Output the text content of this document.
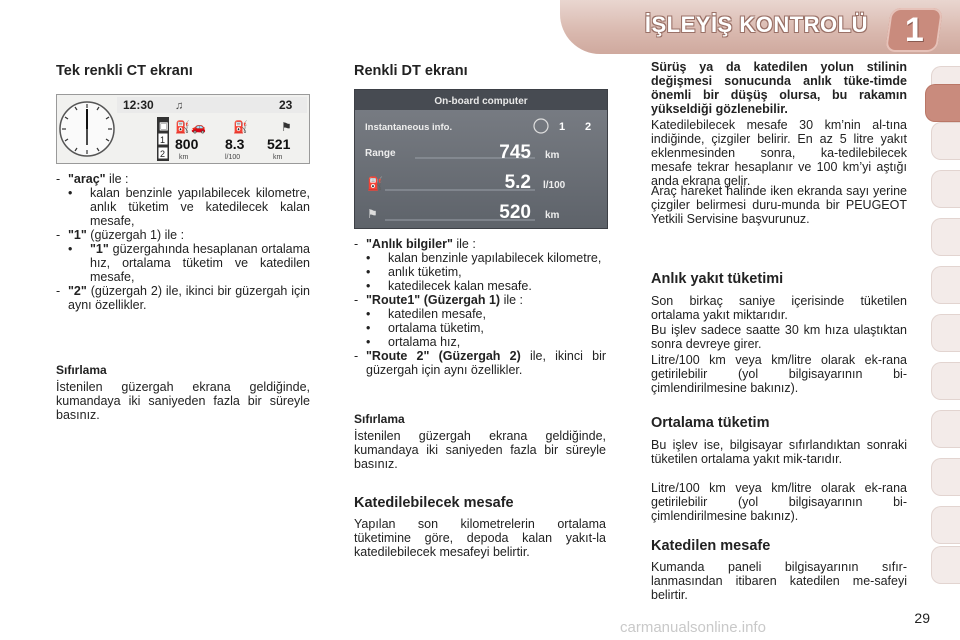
İŞLEYİŞ KONTROLÜ 1
Tek renkli CT ekranı
12:30 ♫	23
▣
1
2
⛽ 🚗 ⛽	⚑
800 8.3 521
km	l/100	km
- "araç" ile :
• kalan benzinle yapılabilecek kilometre, anlık tüketim ve katedilecek kalan mesafe,
- "1" (güzergah 1) ile :
• "1" güzergahında hesaplanan ortalama hız, ortalama tüketim ve katedilen mesafe,
- "2" (güzergah 2) ile, ikinci bir güzergah için aynı özellikler.
Sıfırlama

İstenilen güzergah ekrana geldiğinde, kumandaya iki saniyeden fazla bir süreyle basınız.

Renkli DT ekranı
On-board computer
Instantaneous info.	1 2
Range	745 km
⛽	5.2 l/100
⚑	520 km
- "Anlık bilgiler" ile :
• kalan benzinle yapılabilecek kilometre,
• anlık tüketim,
• katedilecek kalan mesafe.
- "Route1" (Güzergah 1) ile :
• katedilen mesafe,
• ortalama tüketim,
• ortalama hız,
- "Route 2" (Güzergah 2) ile, ikinci bir güzergah için aynı özellikler.
Sıfırlama

İstenilen güzergah ekrana geldiğinde, kumandaya iki saniyeden fazla bir süreyle basınız.

Katedilebilecek mesafe

Yapılan son kilometrelerin ortalama tüketimine göre, depoda kalan yakıt-la katedilebilecek mesafeyi belirtir.

Sürüş ya da katedilen yolun stilinin değişmesi sonucunda anlık tüke-timde önemli bir düşüş olursa, bu rakamın yükseldiği gözlenebilir.

Katedilebilecek mesafe 30 km’nin al-tına indiğinde, çizgiler belirir. En az 5 litre yakıt eklenmesinden sonra, ka-tedilebilecek mesafe tekrar hesaplanır ve 100 km’yi aştığı anda ekrana gelir.

Araç hareket halinde iken ekranda sayı yerine çizgiler belirmesi duru-munda bir PEUGEOT Yetkili Servisine başvurunuz.

Anlık yakıt tüketimi

Son birkaç saniye içerisinde tüketilen ortalama yakıt miktarıdır.

Bu işlev sadece saatte 30 km hıza ulaştıktan sonra devreye girer.

Litre/100 km veya km/litre olarak ek-rana getirilebilir (yol bilgisayarının bi-çimlendirilmesine bakınız).

Ortalama tüketim

Bu işlev ise, bilgisayar sıfırlandıktan sonraki tüketilen ortalama yakıt mik-tarıdır.

Litre/100 km veya km/litre olarak ek-rana getirilebilir (yol bilgisayarının bi-çimlendirilmesine bakınız).

Katedilen mesafe

Kumanda paneli bilgisayarının sıfır-lanmasından itibaren katedilen me-safeyi belirtir.

29
carmanualsonline.info
